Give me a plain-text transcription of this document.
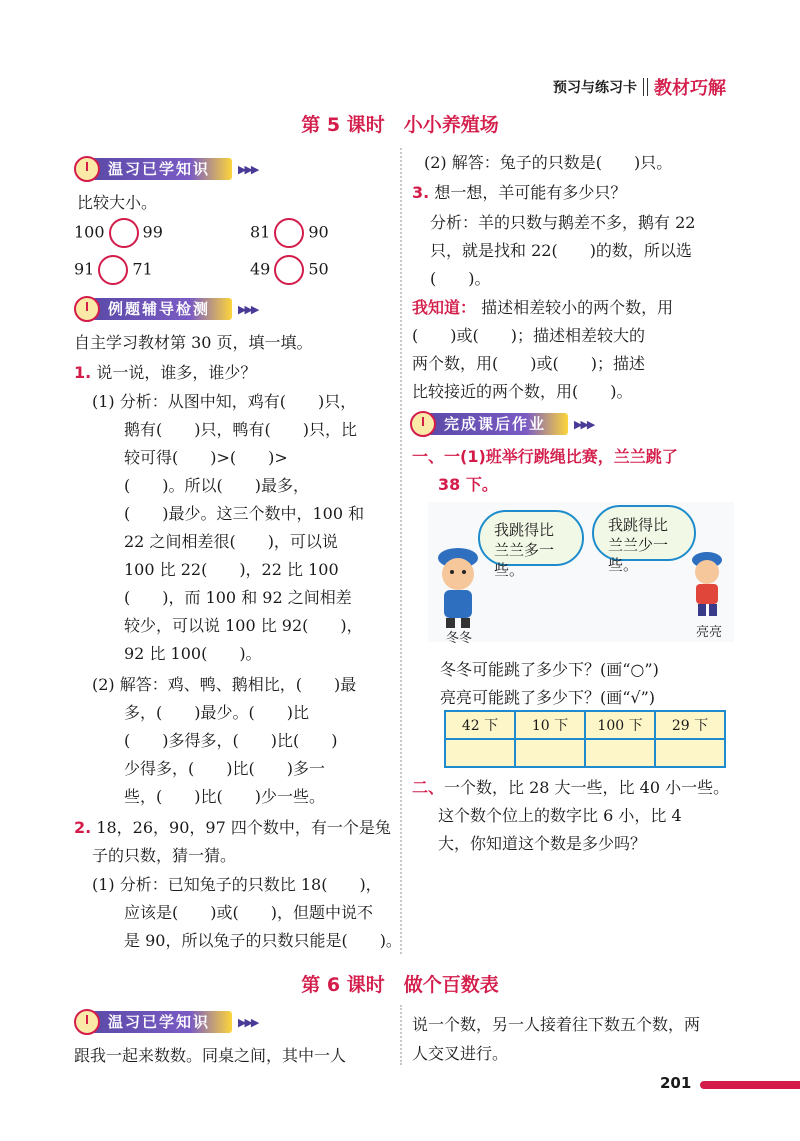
预习与练习卡 教材巧解
第 5 课时　小小养殖场
温习已学知识	▶▶▶
比较大小。
100 99	81 90
91 71	49 50
例题辅导检测	▶▶▶
自主学习教材第 30 页，填一填。
1. 说一说，谁多，谁少？
(1) 分析：从图中知，鸡有(　　)只，
鹅有(　　)只，鸭有(　　)只，比
较可得(　　)>(　　)>
(　　)。所以(　　)最多，
(　　)最少。这三个数中，100 和
22 之间相差很(　　)，可以说
100 比 22(　　)，22 比 100
(　　)，而 100 和 92 之间相差
较少，可以说 100 比 92(　　)，
92 比 100(　　)。
(2) 解答：鸡、鸭、鹅相比，(　　)最
多，(　　)最少。(　　)比
(　　)多得多，(　　)比(　　)
少得多，(　　)比(　　)多一
些，(　　)比(　　)少一些。
2. 18，26，90，97 四个数中，有一个是兔
子的只数，猜一猜。
(1) 分析：已知兔子的只数比 18(　　)，
应该是(　　)或(　　)，但题中说不
是 90，所以兔子的只数只能是(　　)。
(2) 解答：兔子的只数是(　　)只。
3. 想一想，羊可能有多少只？
分析：羊的只数与鹅差不多，鹅有 22
只，就是找和 22(　　)的数，所以选
(　　)。
我知道： 描述相差较小的两个数，用
(　　)或(　　)；描述相差较大的
两个数，用(　　)或(　　)；描述
比较接近的两个数，用(　　)。
完成课后作业	▶▶▶
一、一(1)班举行跳绳比赛，兰兰跳了
38 下。
我跳得比兰兰多一些。
我跳得比兰兰少一些。
冬冬	亮亮
冬冬可能跳了多少下？(画“○”)
亮亮可能跳了多少下？(画“√”)
42 下	10 下	100 下	29 下

二、一个数，比 28 大一些，比 40 小一些。
这个数个位上的数字比 6 小，比 4
大，你知道这个数是多少吗？
第 6 课时　做个百数表
温习已学知识	▶▶▶
跟我一起来数数。同桌之间，其中一人
说一个数，另一人接着往下数五个数，两
人交叉进行。
201
